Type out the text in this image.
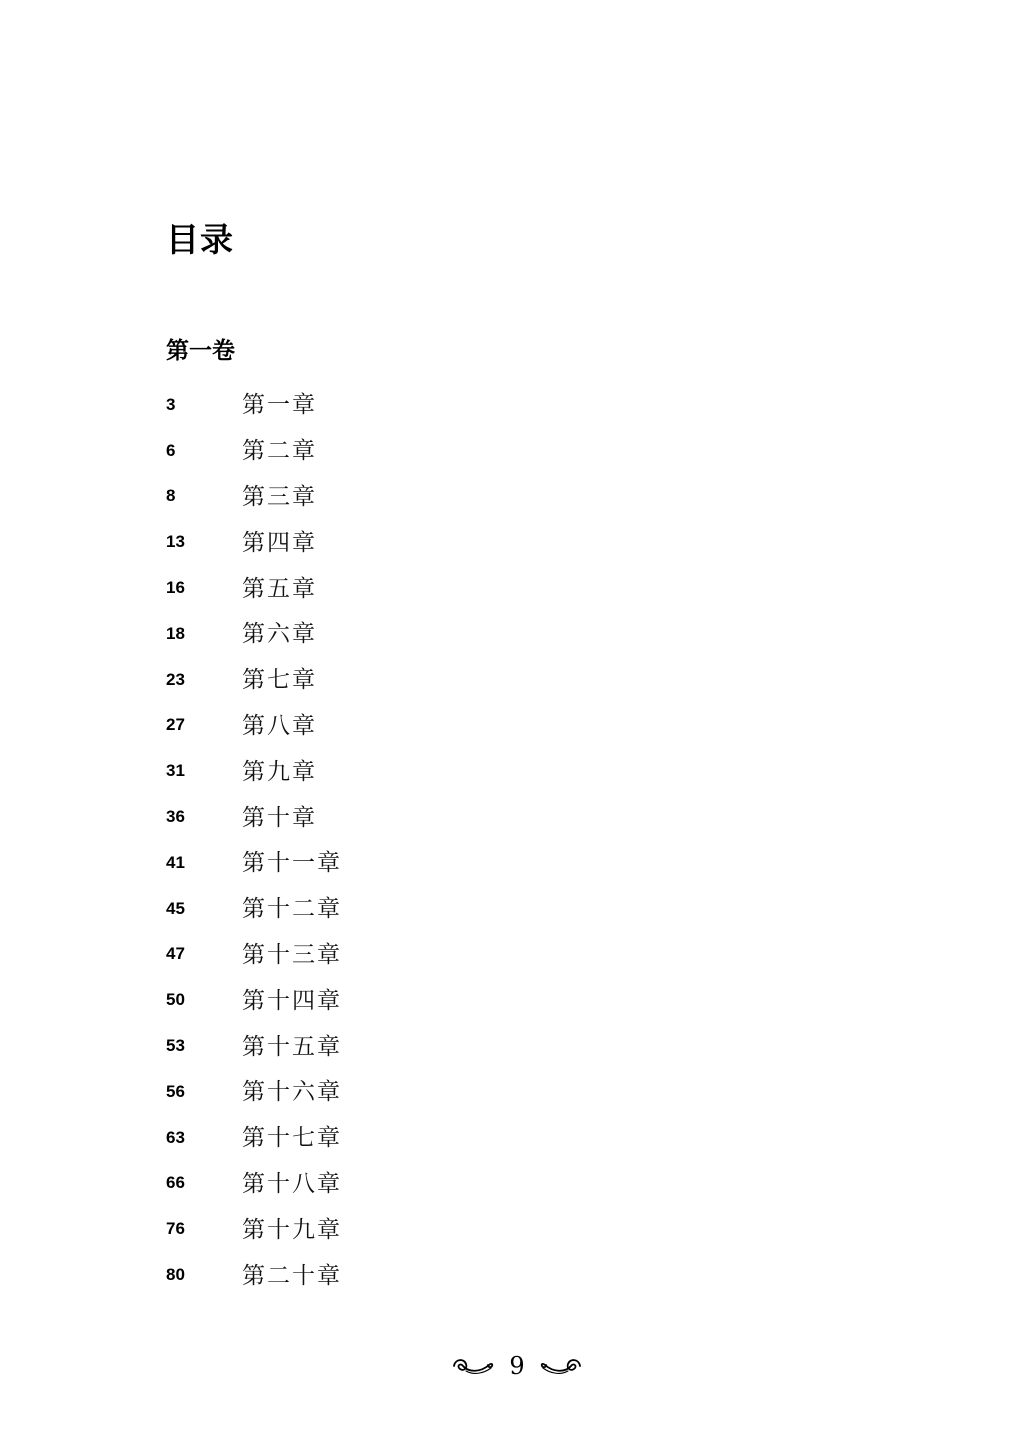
目录
第一卷
3	第一章
6	第二章
8	第三章
13	第四章
16	第五章
18	第六章
23	第七章
27	第八章
31	第九章
36	第十章
41	第十一章
45	第十二章
47	第十三章
50	第十四章
53	第十五章
56	第十六章
63	第十七章
66	第十八章
76	第十九章
80	第二十章
9
